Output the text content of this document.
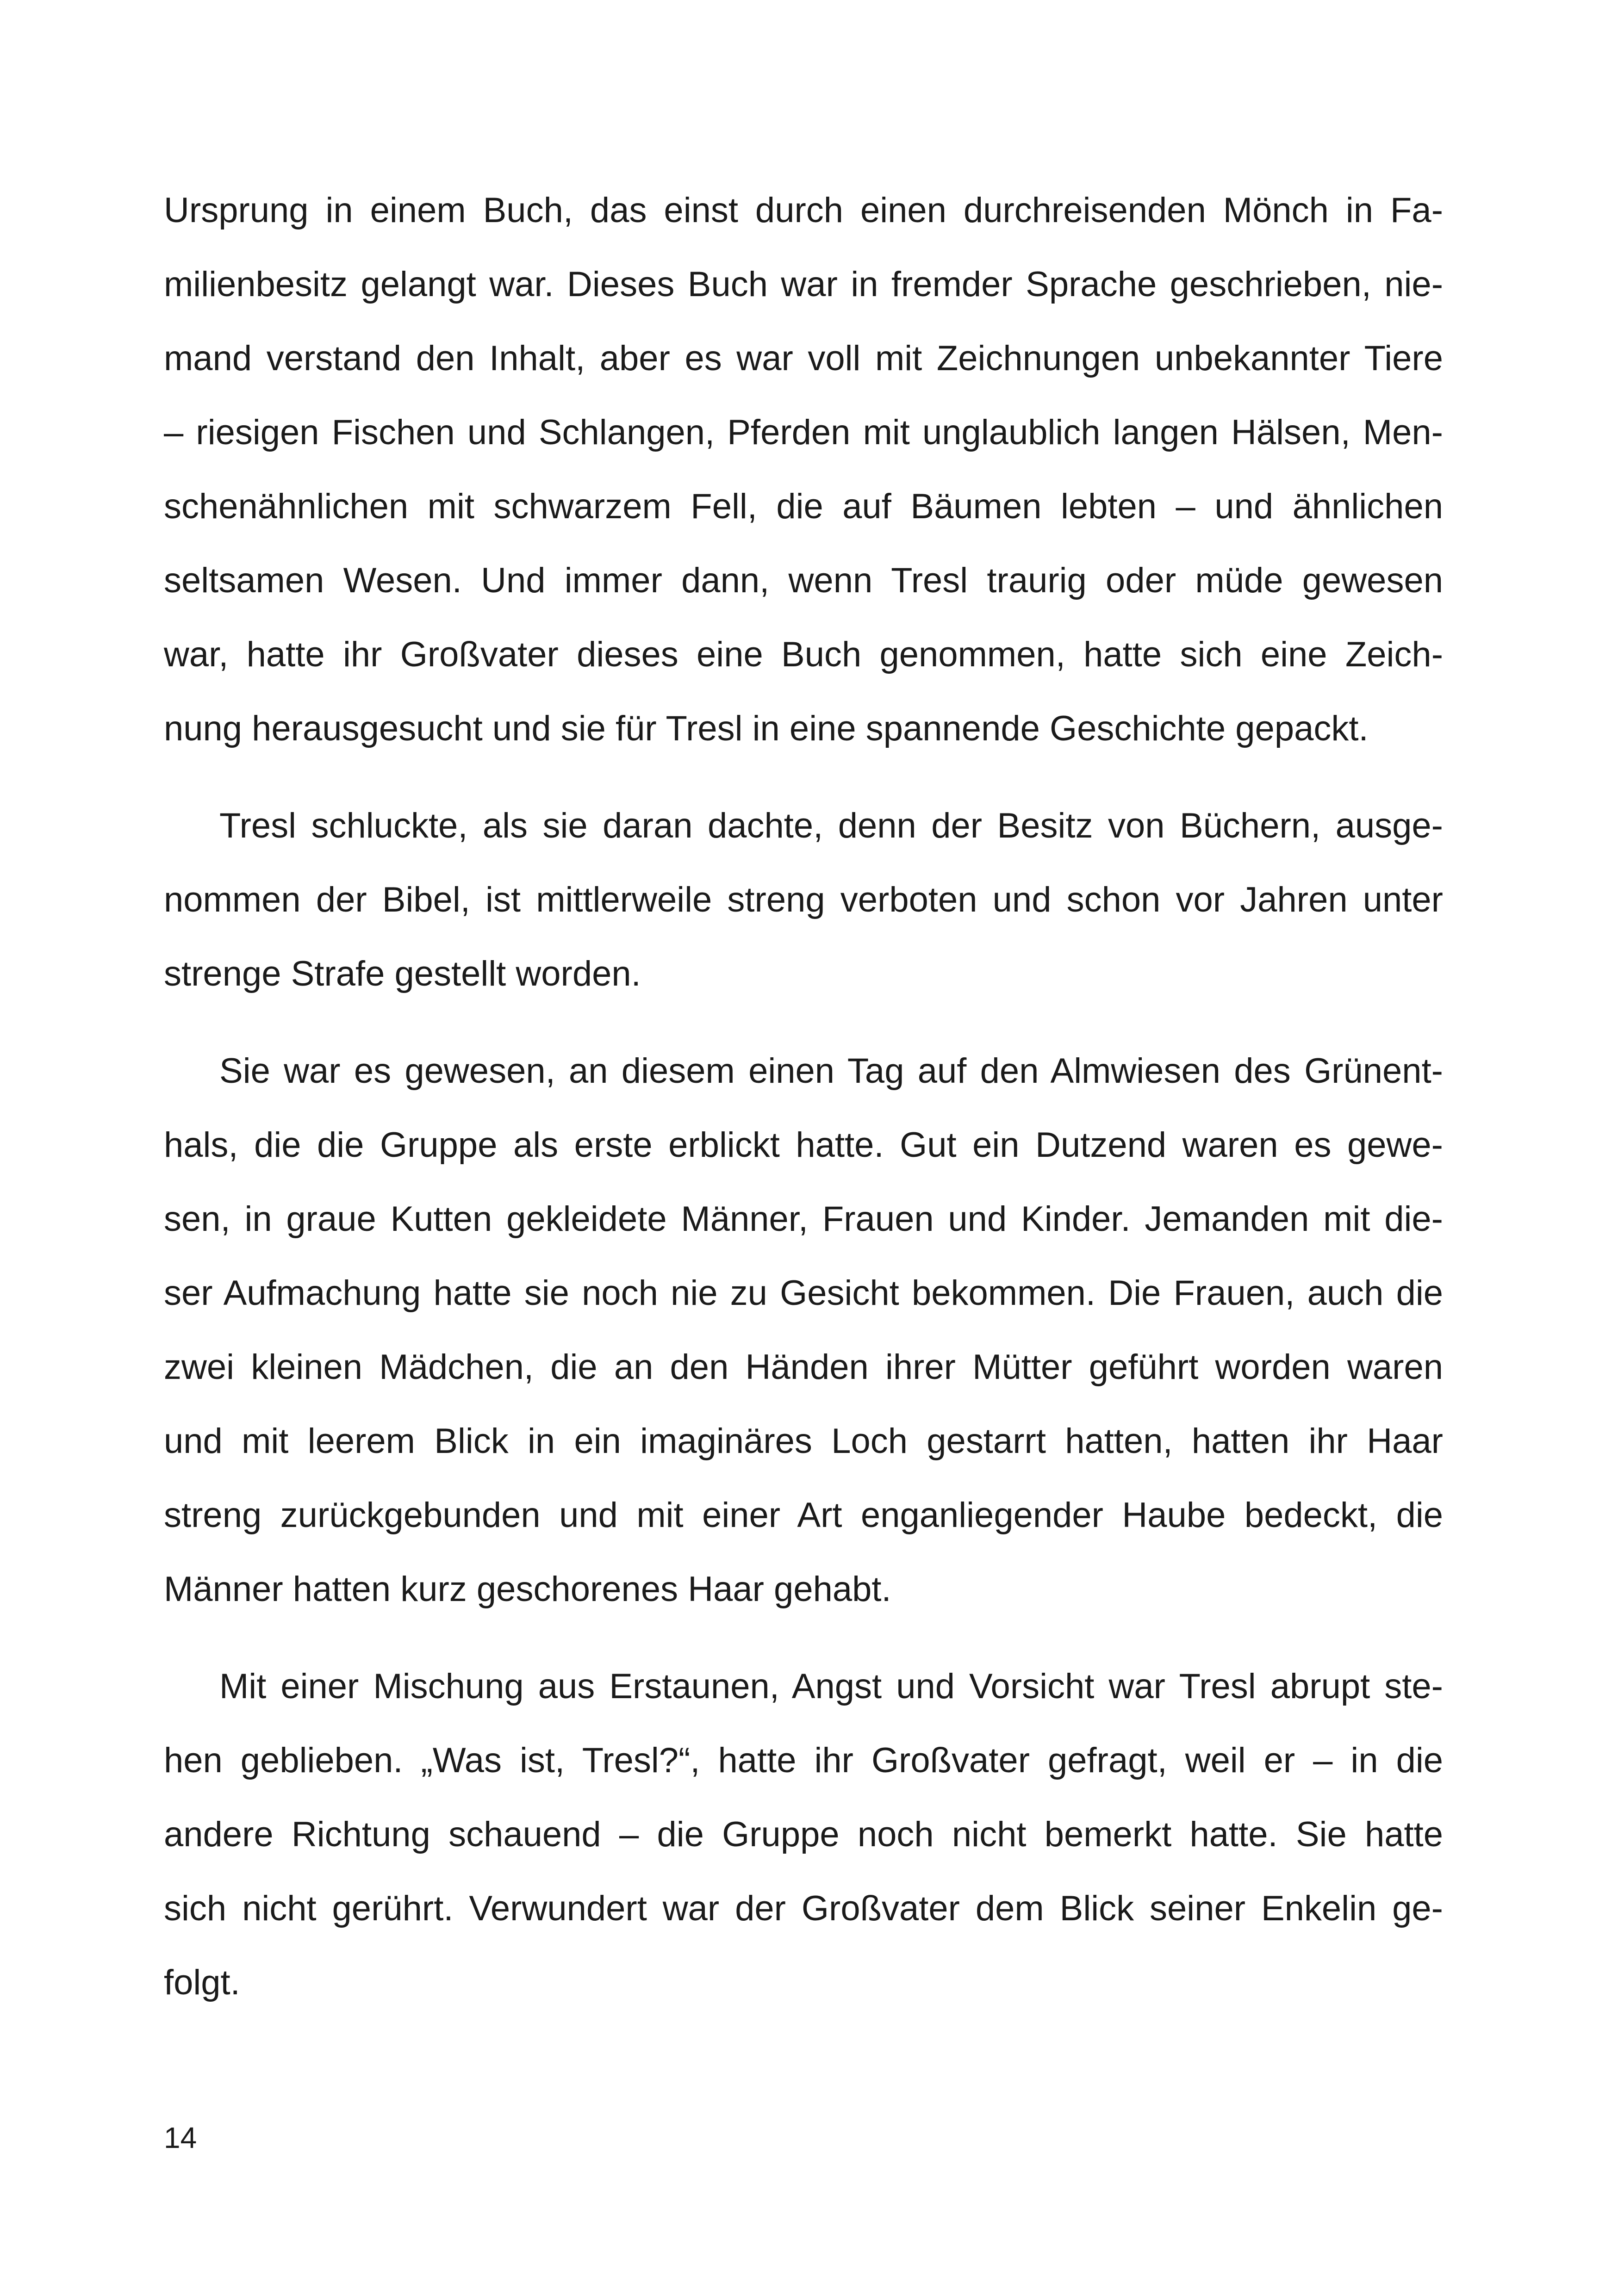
Ursprung in einem Buch, das einst durch einen durchreisenden Mönch in Fa-
milienbesitz gelangt war. Dieses Buch war in fremder Sprache geschrieben, nie-
mand verstand den Inhalt, aber es war voll mit Zeichnungen unbekannter Tiere
– riesigen Fischen und Schlangen, Pferden mit unglaublich langen Hälsen, Men-
schenähnlichen mit schwarzem Fell, die auf Bäumen lebten – und ähnlichen
seltsamen Wesen. Und immer dann, wenn Tresl traurig oder müde gewesen
war, hatte ihr Großvater dieses eine Buch genommen, hatte sich eine Zeich-
nung herausgesucht und sie für Tresl in eine spannende Geschichte gepackt.
Tresl schluckte, als sie daran dachte, denn der Besitz von Büchern, ausge-
nommen der Bibel, ist mittlerweile streng verboten und schon vor Jahren unter
strenge Strafe gestellt worden.
Sie war es gewesen, an diesem einen Tag auf den Almwiesen des Grünent-
hals, die die Gruppe als erste erblickt hatte. Gut ein Dutzend waren es gewe-
sen, in graue Kutten gekleidete Männer, Frauen und Kinder. Jemanden mit die-
ser Aufmachung hatte sie noch nie zu Gesicht bekommen. Die Frauen, auch die
zwei kleinen Mädchen, die an den Händen ihrer Mütter geführt worden waren
und mit leerem Blick in ein imaginäres Loch gestarrt hatten, hatten ihr Haar
streng zurückgebunden und mit einer Art enganliegender Haube bedeckt, die
Männer hatten kurz geschorenes Haar gehabt.
Mit einer Mischung aus Erstaunen, Angst und Vorsicht war Tresl abrupt ste-
hen geblieben. „Was ist, Tresl?“, hatte ihr Großvater gefragt, weil er – in die
andere Richtung schauend – die Gruppe noch nicht bemerkt hatte. Sie hatte
sich nicht gerührt. Verwundert war der Großvater dem Blick seiner Enkelin ge-
folgt.
14
